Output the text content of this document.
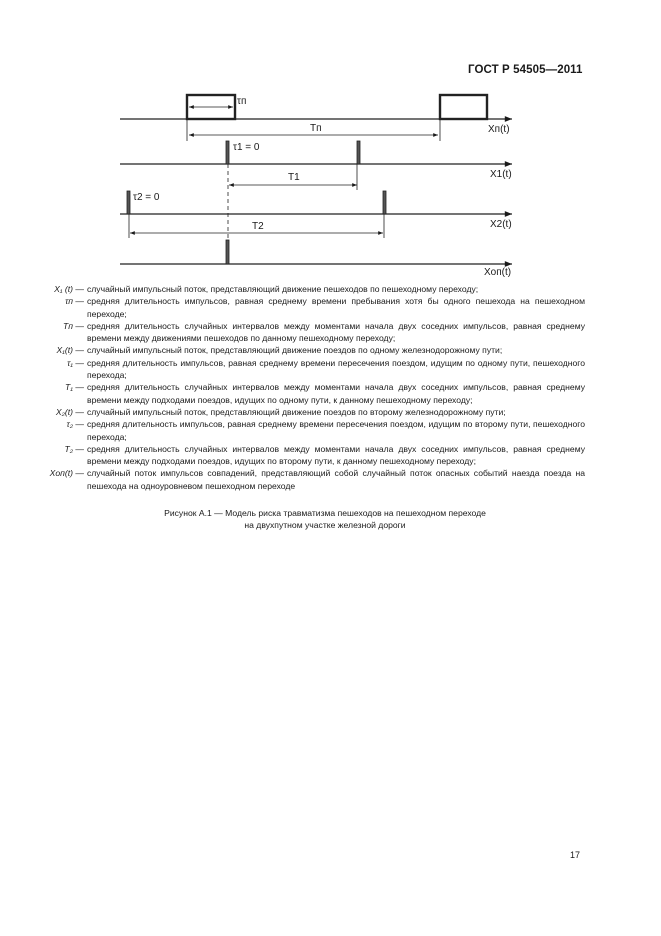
ГОСТ Р 54505—2011
τп
Tп	Xп(t)
τ1 = 0
T1	X1(t)
τ2 = 0
T2	X2(t)
Xоп(t)
X₁ (t) — случайный импульсный поток, представляющий движение пешеходов по пешеходному переходу;
τп — средняя длительность импульсов, равная среднему времени пребывания хотя бы одного пешехода на пешеходном переходе;
Tп — средняя длительность случайных интервалов между моментами начала двух соседних импульсов, равная среднему времени между движениями пешеходов по данному пешеходному переходу;
X₁(t) — случайный импульсный поток, представляющий движение поездов по одному железнодорожному пути;
τ₁ — средняя длительность импульсов, равная среднему времени пересечения поездом, идущим по одному пути, пешеходного перехода;
T₁ — средняя длительность случайных интервалов между моментами начала двух соседних импульсов, равная среднему времени между подходами поездов, идущих по одному пути, к данному пешеходному переходу;
X₂(t) — случайный импульсный поток, представляющий движение поездов по второму железнодорожному пути;
τ₂ — средняя длительность импульсов, равная среднему времени пересечения поездом, идущим по второму пути, пешеходного перехода;
T₂ — средняя длительность случайных интервалов между моментами начала двух соседних импульсов, равная среднему времени между подходами поездов, идущих по второму пути, к данному пешеходному переходу;
Xоп(t) — случайный поток импульсов совпадений, представляющий собой случайный поток опасных событий наезда поезда на пешехода на одноуровневом пешеходном переходе
Рисунок А.1 — Модель риска травматизма пешеходов на пешеходном переходе
на двухпутном участке железной дороги
17
